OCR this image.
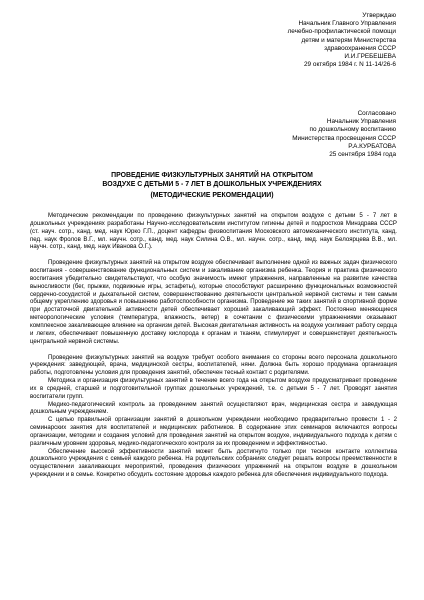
Утверждаю
Начальник Главного Управления
лечебно-профилактической помощи
детям и матерям Министерства
здравоохранения СССР
И.И.ГРЕБЕШЕВА
29 октября 1984 г. N 11-14/26-6
Согласовано
Начальник Управления
по дошкольному воспитанию
Министерства просвещения СССР
Р.А.КУРБАТОВА
25 сентября 1984 года
ПРОВЕДЕНИЕ ФИЗКУЛЬТУРНЫХ ЗАНЯТИЙ НА ОТКРЫТОМ
ВОЗДУХЕ С ДЕТЬМИ 5 - 7 ЛЕТ В ДОШКОЛЬНЫХ УЧРЕЖДЕНИЯХ
(МЕТОДИЧЕСКИЕ РЕКОМЕНДАЦИИ)

Методические рекомендации по проведению физкультурных занятий на открытом воздухе с детьми 5 - 7 лет в дошкольных учреждениях разработаны Научно-исследовательским институтом гигиены детей и подростков Минздрава СССР (ст. науч. сотр., канд. мед. наук Юрко Г.П., доцент кафедры физвоспитания Московского автомеханического института, канд. пед. наук Фролов В.Г., мл. научн. сотр., канд. мед. наук Силина О.В., мл. научн. сотр., канд. мед. наук Белоярцева В.В., мл. научн. сотр., канд. мед. наук Иванова О.Г.).

Проведение физкультурных занятий на открытом воздухе обеспечивает выполнение одной из важных задач физического воспитания - совершенствование функциональных систем и закаливание организма ребенка. Теория и практика физического воспитания убедительно свидетельствуют, что особую значимость имеют упражнения, направленные на развитие качества выносливости (бег, прыжки, подвижные игры, эстафеты), которые способствуют расширению функциональных возможностей сердечно-сосудистой и дыхательной систем, совершенствованию деятельности центральной нервной системы и тем самым общему укреплению здоровья и повышению работоспособности организма. Проведение же таких занятий в спортивной форме при достаточной двигательной активности детей обеспечивает хороший закаливающий эффект. Постоянно меняющиеся метеорологические условия (температура, влажность, ветер) в сочетании с физическими упражнениями оказывают комплексное закаливающее влияние на организм детей. Высокая двигательная активность на воздухе усиливает работу сердца и легких, обеспечивает повышенную доставку кислорода к органам и тканям, стимулирует и совершенствует деятельность центральной нервной системы.

Проведение физкультурных занятий на воздухе требует особого внимания со стороны всего персонала дошкольного учреждения: заведующей, врача, медицинской сестры, воспитателей, няни. Должна быть хорошо продумана организация работы, подготовлены условия для проведения занятий, обеспечен тесный контакт с родителями.

Методика и организация физкультурных занятий в течение всего года на открытом воздухе предусматривает проведение их в средней, старшей и подготовительной группах дошкольных учреждений, т.е. с детьми 5 - 7 лет. Проводят занятия воспитатели групп.

Медико-педагогический контроль за проведением занятий осуществляют врач, медицинская сестра и заведующая дошкольным учреждением.

С целью правильной организации занятий в дошкольном учреждении необходимо предварительно провести 1 - 2 семинарских занятия для воспитателей и медицинских работников. В содержание этих семинаров включаются вопросы организации, методики и создания условий для проведения занятий на открытом воздухе, индивидуального подхода к детям с различным уровнем здоровья, медико-педагогического контроля за их проведением и эффективностью.

Обеспечение высокой эффективности занятий может быть достигнуто только при тесном контакте коллектива дошкольного учреждения с семьей каждого ребенка. На родительских собраниях следует решать вопросы преемственности в осуществлении закаливающих мероприятий, проведения физических упражнений на открытом воздухе в дошкольном учреждении и в семье. Конкретно обсудить состояние здоровья каждого ребенка для обеспечения индивидуального подхода.
